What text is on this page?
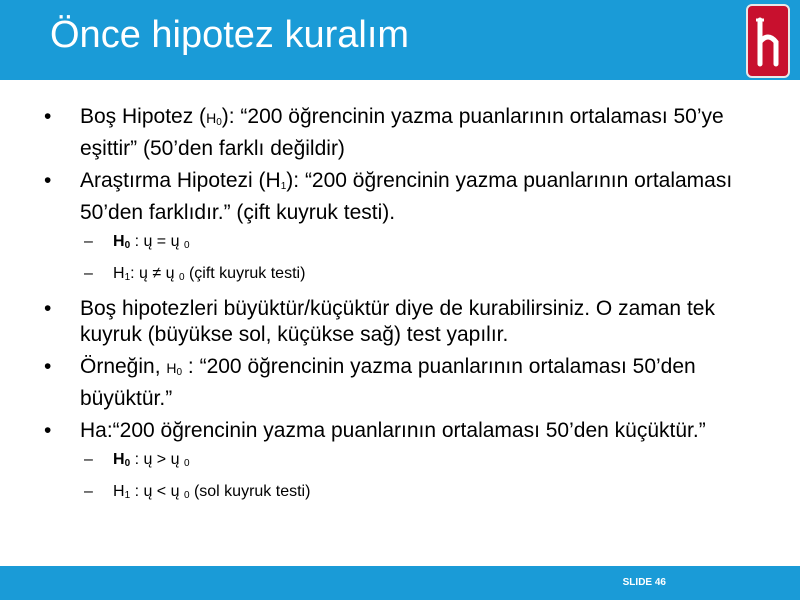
Önce hipotez kuralım
• Boş Hipotez $(H_0)$: “200 öğrencinin yazma puanlarının ortalaması 50’ye eşittir” (50’den farklı değildir)
• Araştırma Hipotezi $(H_1)$: “200 öğrencinin yazma puanlarının ortalaması 50’den farklıdır.” (çift kuyruk testi).
– $H_0$ : ų = ų $_0$
– $H_1$: ų ≠ ų $_0$ (çift kuyruk testi)
• Boş hipotezleri büyüktür/küçüktür diye de kurabilirsiniz. O zaman tek kuyruk (büyükse sol, küçükse sağ) test yapılır.
• Örneğin, $H_0$ : “200 öğrencinin yazma puanlarının ortalaması 50’den büyüktür.”
• Ha:“200 öğrencinin yazma puanlarının ortalaması 50’den küçüktür.”
– $H_0$ : ų > ų $_0$
– $H_1$ : ų < ų $_0$ (sol kuyruk testi)
SLIDE 46
